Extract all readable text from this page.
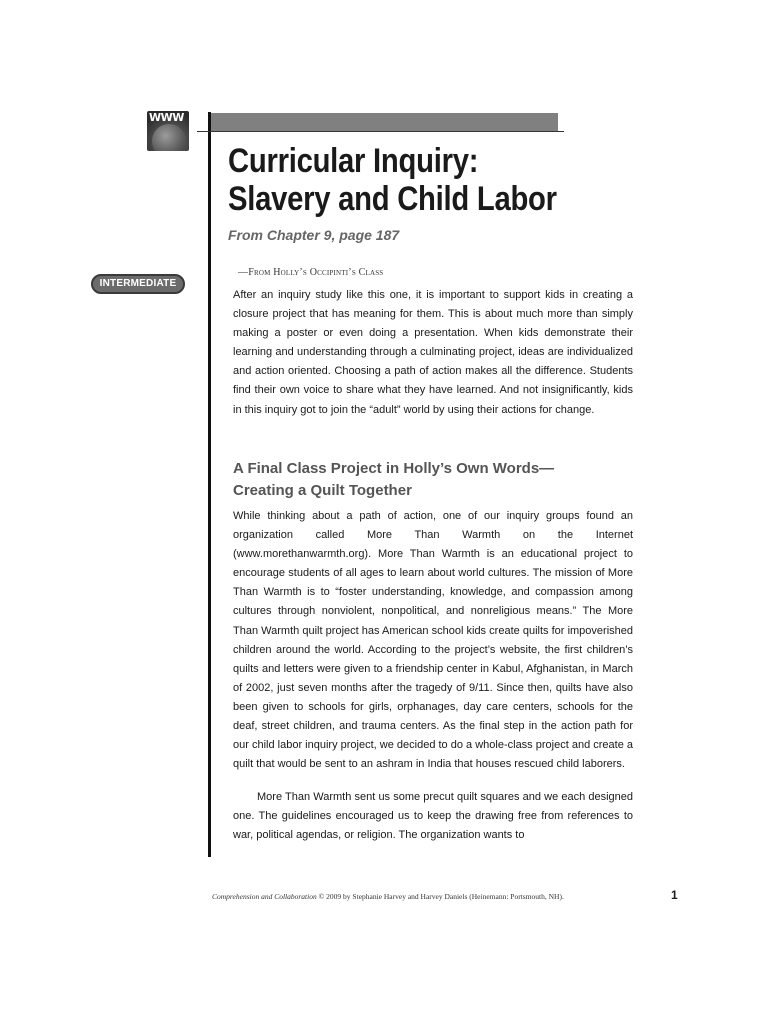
WWW
Curricular Inquiry:
Slavery and Child Labor
From Chapter 9, page 187
INTERMEDIATE
—From Holly’s Occipinti’s Class

After an inquiry study like this one, it is important to support kids in creating a closure project that has meaning for them. This is about much more than simply making a poster or even doing a presentation. When kids demonstrate their learning and understanding through a culminating project, ideas are individualized and action oriented. Choosing a path of action makes all the difference. Students find their own voice to share what they have learned. And not insignificantly, kids in this inquiry got to join the “adult” world by using their actions for change.

A Final Class Project in Holly’s Own Words—
Creating a Quilt Together

While thinking about a path of action, one of our inquiry groups found an organization called More Than Warmth on the Internet (www.morethanwarmth.org). More Than Warmth is an educational project to encourage students of all ages to learn about world cultures. The mission of More Than Warmth is to “foster understanding, knowledge, and compassion among cultures through nonviolent, nonpolitical, and nonreligious means.” The More Than Warmth quilt project has American school kids create quilts for impoverished children around the world. According to the project’s website, the first children’s quilts and letters were given to a friendship center in Kabul, Afghanistan, in March of 2002, just seven months after the tragedy of 9/11. Since then, quilts have also been given to schools for girls, orphanages, day care centers, schools for the deaf, street children, and trauma centers. As the final step in the action path for our child labor inquiry project, we decided to do a whole-class project and create a quilt that would be sent to an ashram in India that houses rescued child laborers.

More Than Warmth sent us some precut quilt squares and we each designed one. The guidelines encouraged us to keep the drawing free from references to war, political agendas, or religion. The organization wants to

Comprehension and Collaboration © 2009 by Stephanie Harvey and Harvey Daniels (Heinemann: Portsmouth, NH).	1
